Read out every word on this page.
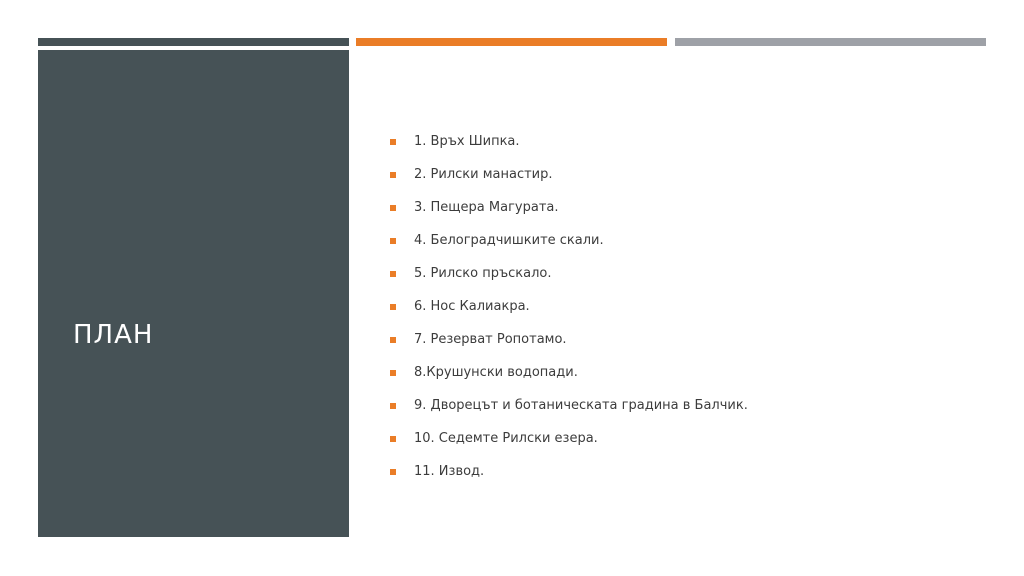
ПЛАН
1. Връх Шипка.
2. Рилски манастир.
3. Пещера Магурата.
4. Белоградчишките скали.
5. Рилско пръскало.
6. Нос Калиакра.
7. Резерват Ропотамо.
8.Крушунски водопади.
9. Дворецът и ботаническата градина в Балчик.
10. Седемте Рилски езера.
11. Извод.
